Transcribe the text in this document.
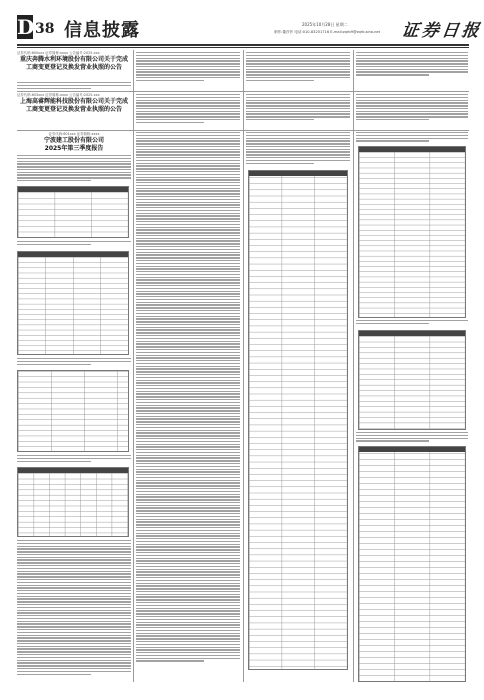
D 38 信息披露	2025年10月28日 星期二
制作:董莎莎 电话:010-83251716 E-mail:zqrb9@zqrb.sina.net 证券日报
证券代码:600xxx 证券简称:xxxx 公告编号:2025-xxx
重庆奔腾水利环境股份有限公司关于完成
工商变更登记及换发营业执照的公告
证券代码:603xxx 证券简称:xxxx 公告编号:2025-xxx
上海高睿辉能科技股份有限公司关于完成
工商变更登记及换发营业执照的公告
证券代码:601xxx 证券简称:xxxx
宁波建工股份有限公司
2025年第三季度报告
